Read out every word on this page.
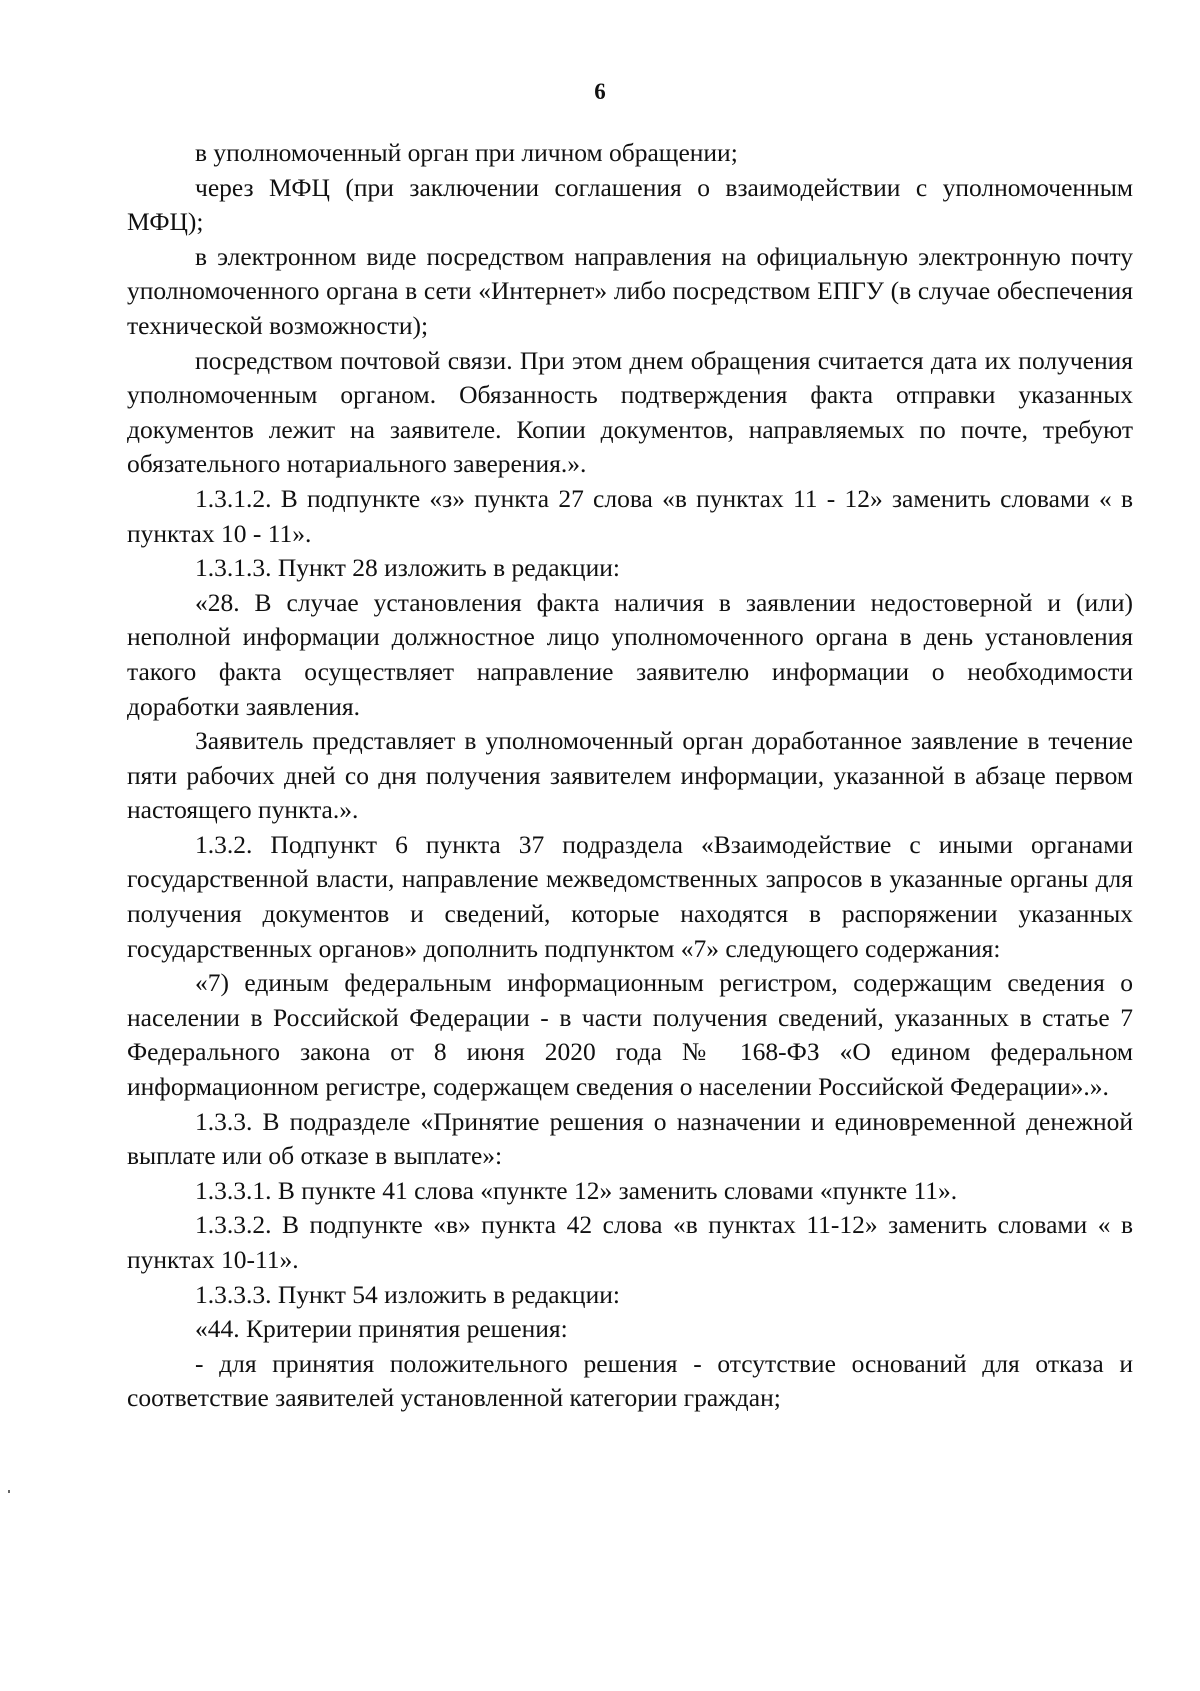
6

в уполномоченный орган при личном обращении;

через МФЦ (при заключении соглашения о взаимодействии с уполномоченным МФЦ);

в электронном виде посредством направления на официальную электронную почту уполномоченного органа в сети «Интернет» либо посредством ЕПГУ (в случае обеспечения технической возможности);

посредством почтовой связи. При этом днем обращения считается дата их получения уполномоченным органом. Обязанность подтверждения факта отправки указанных документов лежит на заявителе. Копии документов, направляемых по почте, требуют обязательного нотариального заверения.».

1.3.1.2. В подпункте «з» пункта 27 слова «в пунктах 11 - 12» заменить словами « в пунктах 10 - 11».

1.3.1.3. Пункт 28 изложить в редакции:

«28. В случае установления факта наличия в заявлении недостоверной и (или) неполной информации должностное лицо уполномоченного органа в день установления такого факта осуществляет направление заявителю информации о необходимости доработки заявления.

Заявитель представляет в уполномоченный орган доработанное заявление в течение пяти рабочих дней со дня получения заявителем информации, указанной в абзаце первом настоящего пункта.».

1.3.2. Подпункт 6 пункта 37 подраздела «Взаимодействие с иными органами государственной власти, направление межведомственных запросов в указанные органы для получения документов и сведений, которые находятся в распоряжении указанных государственных органов» дополнить подпунктом «7» следующего содержания:

«7) единым федеральным информационным регистром, содержащим сведения о населении в Российской Федерации - в части получения сведений, указанных в статье 7 Федерального закона от 8 июня 2020 года № 168-ФЗ «О едином федеральном информационном регистре, содержащем сведения о населении Российской Федерации».».

1.3.3. В подразделе «Принятие решения о назначении и единовременной денежной выплате или об отказе в выплате»:

1.3.3.1. В пункте 41 слова «пункте 12» заменить словами «пункте 11».

1.3.3.2. В подпункте «в» пункта 42 слова «в пунктах 11-12» заменить словами « в пунктах 10-11».

1.3.3.3. Пункт 54 изложить в редакции:

«44. Критерии принятия решения:

- для принятия положительного решения - отсутствие оснований для отказа и соответствие заявителей установленной категории граждан;
